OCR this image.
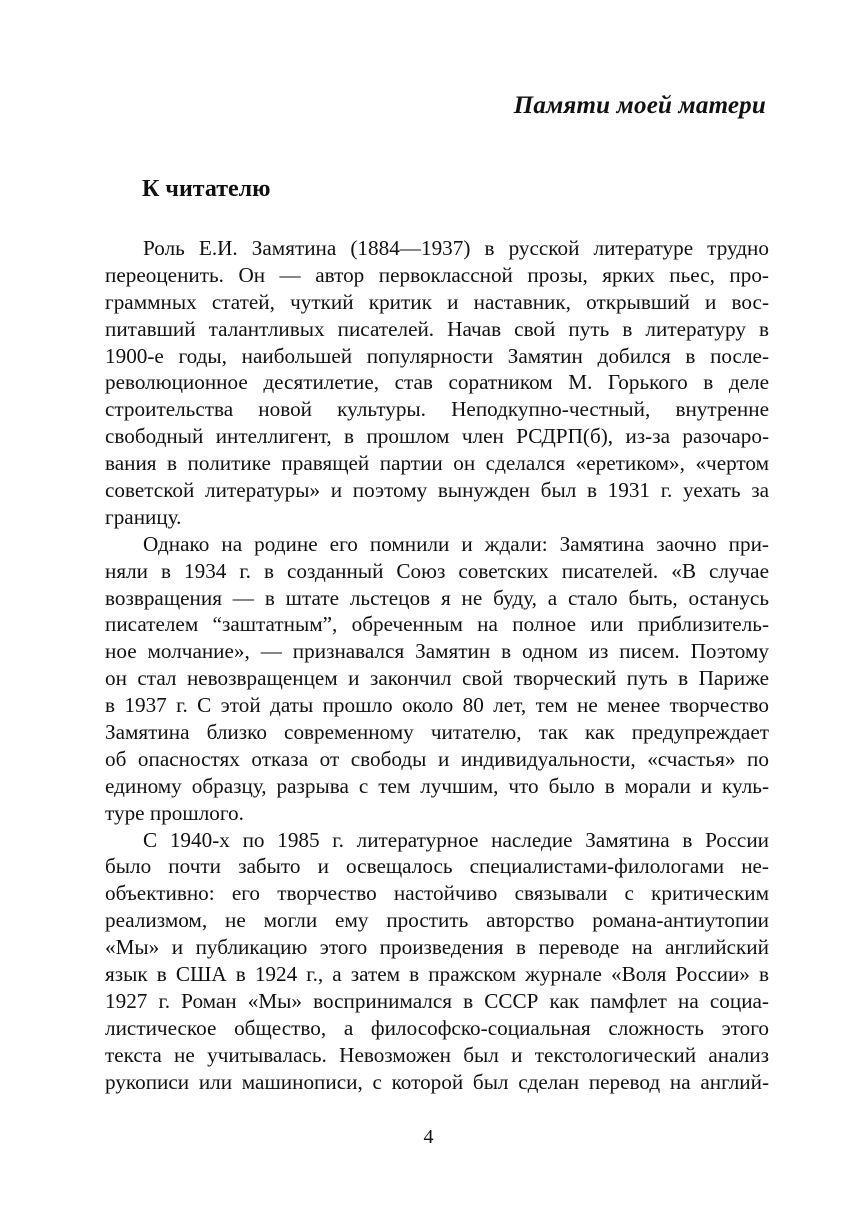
Памяти моей матери
К читателю
Роль Е.И. Замятина (1884—1937) в русской литературе трудно
переоценить. Он — автор первоклассной прозы, ярких пьес, про-
граммных статей, чуткий критик и наставник, открывший и вос-
питавший талантливых писателей. Начав свой путь в литературу в
1900-е годы, наибольшей популярности Замятин добился в после-
революционное десятилетие, став соратником М. Горького в деле
строительства новой культуры. Неподкупно-честный, внутренне
свободный интеллигент, в прошлом член РСДРП(б), из-за разочаро-
вания в политике правящей партии он сделался «еретиком», «чертом
советской литературы» и поэтому вынужден был в 1931 г. уехать за
границу.
Однако на родине его помнили и ждали: Замятина заочно при-
няли в 1934 г. в созданный Союз советских писателей. «В случае
возвращения — в штате льстецов я не буду, а стало быть, останусь
писателем “заштатным”, обреченным на полное или приблизитель-
ное молчание», — признавался Замятин в одном из писем. Поэтому
он стал невозвращенцем и закончил свой творческий путь в Париже
в 1937 г. С этой даты прошло около 80 лет, тем не менее творчество
Замятина близко современному читателю, так как предупреждает
об опасностях отказа от свободы и индивидуальности, «счастья» по
единому образцу, разрыва с тем лучшим, что было в морали и куль-
туре прошлого.
С 1940-х по 1985 г. литературное наследие Замятина в России
было почти забыто и освещалось специалистами-филологами не-
объективно: его творчество настойчиво связывали с критическим
реализмом, не могли ему простить авторство романа-антиутопии
«Мы» и публикацию этого произведения в переводе на английский
язык в США в 1924 г., а затем в пражском журнале «Воля России» в
1927 г. Роман «Мы» воспринимался в СССР как памфлет на социа-
листическое общество, а философско-социальная сложность этого
текста не учитывалась. Невозможен был и текстологический анализ
рукописи или машинописи, с которой был сделан перевод на англий-
4
